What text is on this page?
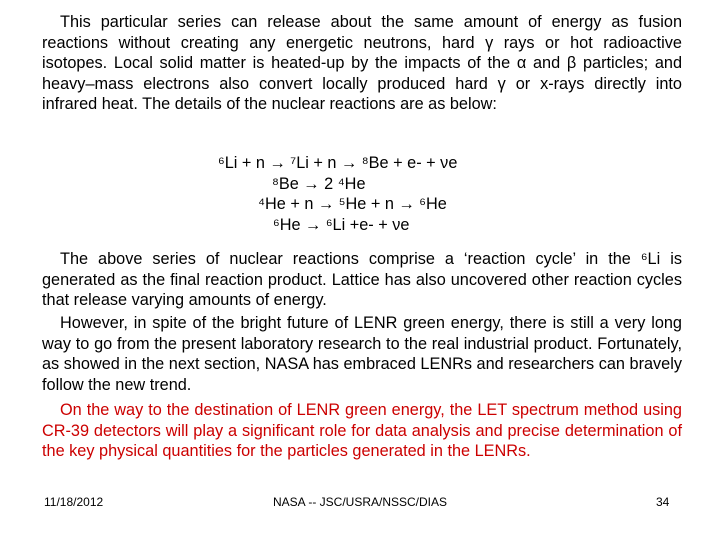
This particular series can release about the same amount of energy as fusion reactions without creating any energetic neutrons, hard γ rays or hot radioactive isotopes. Local solid matter is heated-up by the impacts of the α and β particles; and heavy–mass electrons also convert locally produced hard γ or x-rays directly into infrared heat. The details of the nuclear reactions are as below:

⁶Li + n → ⁷Li + n → ⁸Be + e- + νe
⁸Be → 2 ⁴He
⁴He + n → ⁵He + n → ⁶He
⁶He → ⁶Li +e- + νe

The above series of nuclear reactions comprise a ‘reaction cycle’ in the ⁶Li is generated as the final reaction product. Lattice has also uncovered other reaction cycles that release varying amounts of energy.

However, in spite of the bright future of LENR green energy, there is still a very long way to go from the present laboratory research to the real industrial product. Fortunately, as showed in the next section, NASA has embraced LENRs and researchers can bravely follow the new trend.

On the way to the destination of LENR green energy, the LET spectrum method using CR-39 detectors will play a significant role for data analysis and precise determination of the key physical quantities for the particles generated in the LENRs.

11/18/2012	NASA -- JSC/USRA/NSSC/DIAS	34
